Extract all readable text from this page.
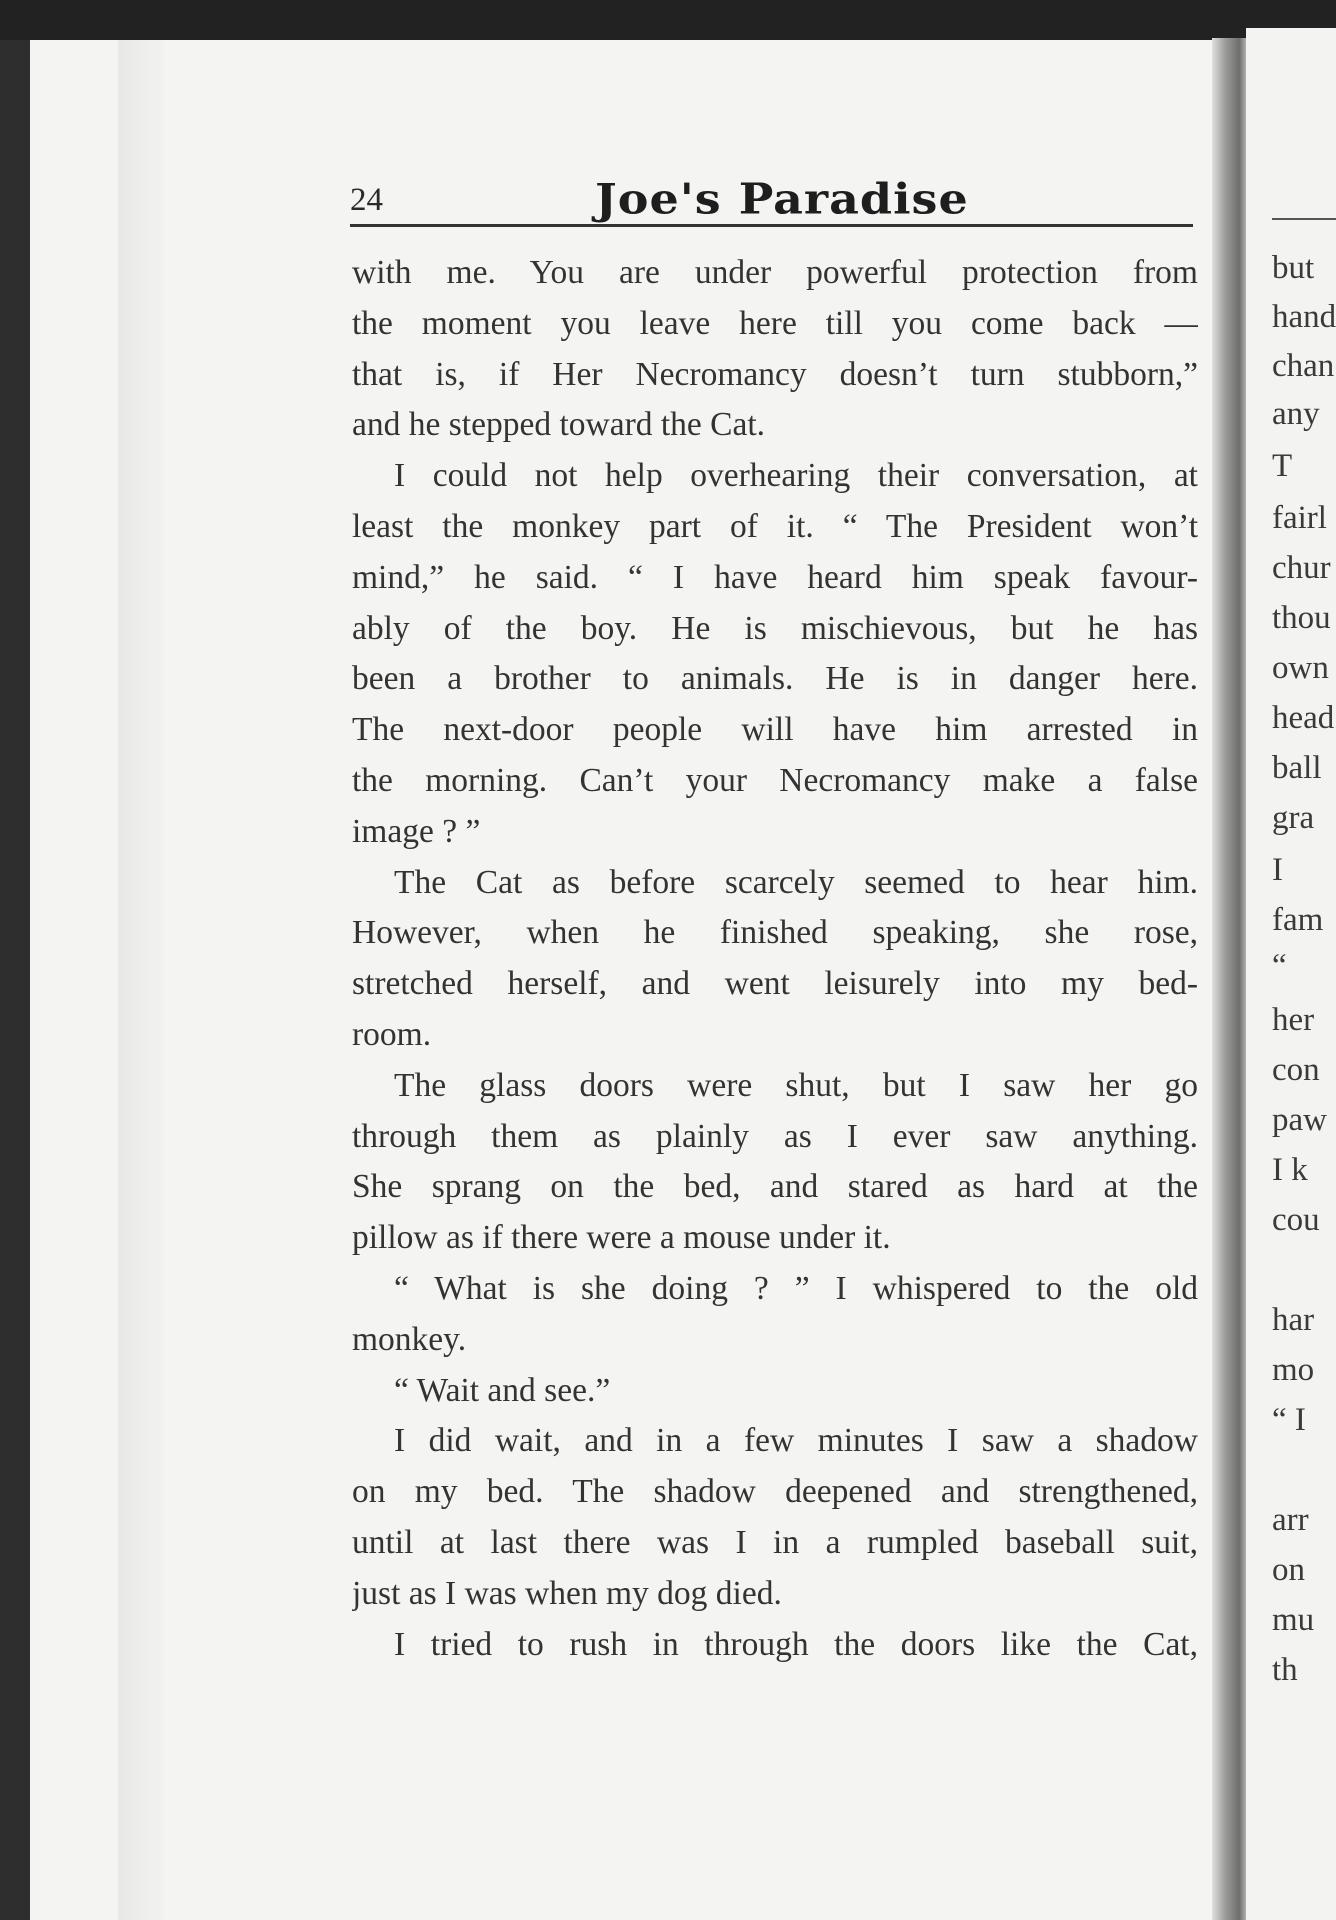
but
hand
chan
any
T
fairl
chur
thou
own
head
ball
gra
I
fam
“
her
con
paw
I k
cou
har
mo
“ I
arr
on
mu
th
24	Joe's Paradise
with me. You are under powerful protection from
the moment you leave here till you come back —
that is, if Her Necromancy doesn’t turn stubborn,”
and he stepped toward the Cat.
I could not help overhearing their conversation, at
least the monkey part of it. “ The President won’t
mind,” he said. “ I have heard him speak favour-
ably of the boy. He is mischievous, but he has
been a brother to animals. He is in danger here.
The next-door people will have him arrested in
the morning. Can’t your Necromancy make a false
image ? ”
The Cat as before scarcely seemed to hear him.
However, when he finished speaking, she rose,
stretched herself, and went leisurely into my bed-
room.
The glass doors were shut, but I saw her go
through them as plainly as I ever saw anything.
She sprang on the bed, and stared as hard at the
pillow as if there were a mouse under it.
“ What is she doing ? ” I whispered to the old
monkey.
“ Wait and see.”
I did wait, and in a few minutes I saw a shadow
on my bed. The shadow deepened and strengthened,
until at last there was I in a rumpled baseball suit,
just as I was when my dog died.
I tried to rush in through the doors like the Cat,
